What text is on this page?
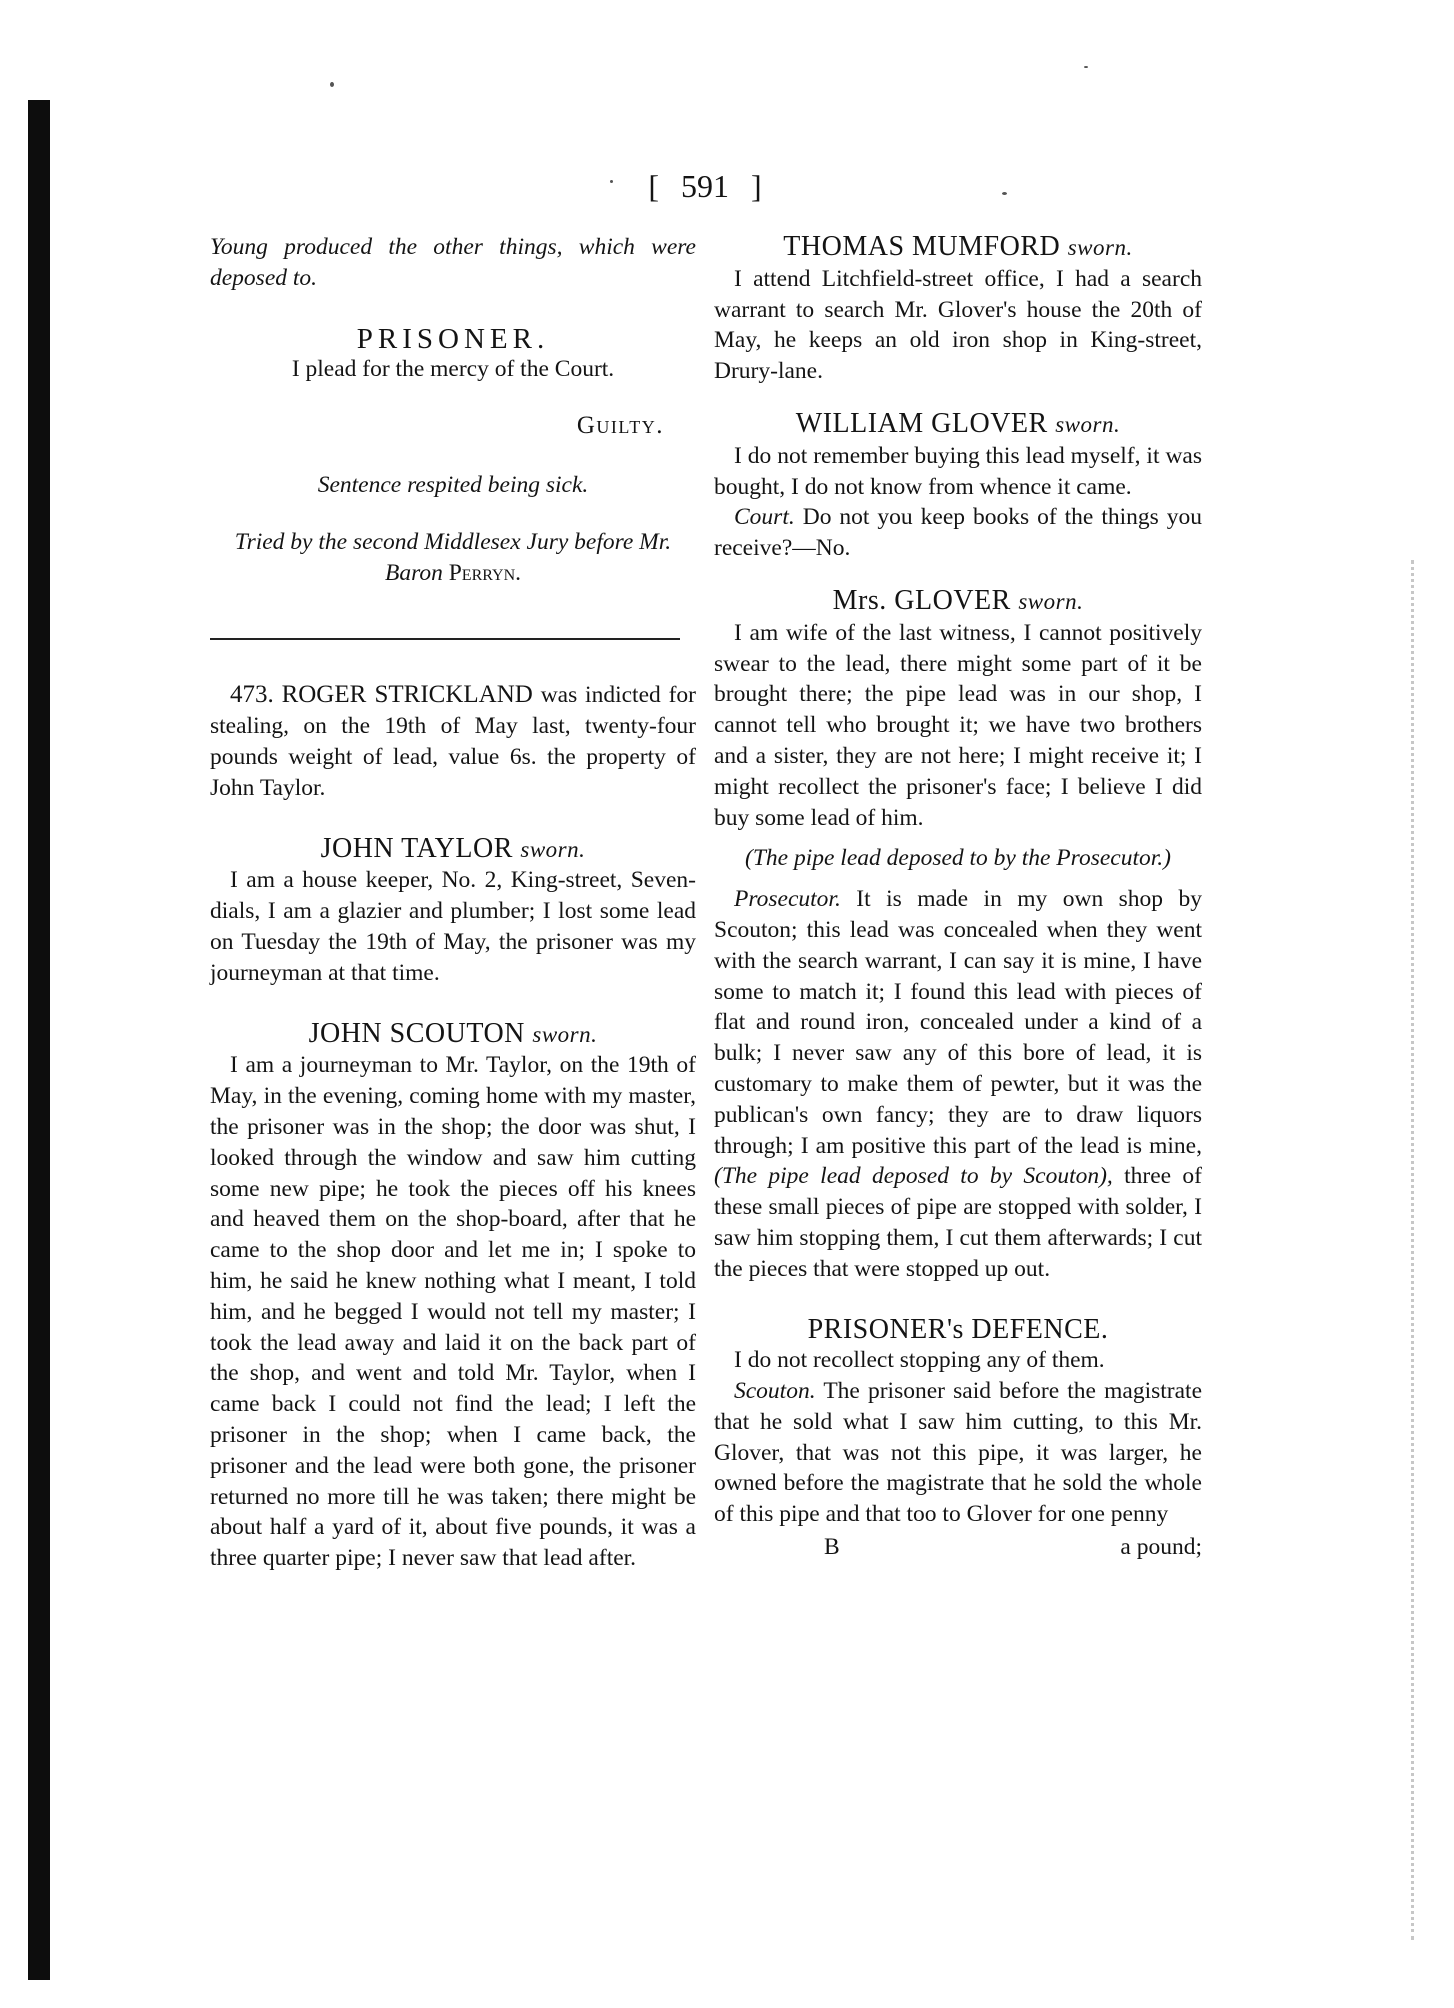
[ 591 ]

Young produced the other things, which were deposed to.

PRISONER.

I plead for the mercy of the Court.

Guilty.
Sentence respited being sick.
Tried by the second Middlesex Jury before Mr. Baron Perryn.

473. ROGER STRICKLAND was indicted for stealing, on the 19th of May last, twenty-four pounds weight of lead, value 6s. the property of John Taylor.

JOHN TAYLOR sworn.

I am a house keeper, No. 2, King-street, Seven-dials, I am a glazier and plumber; I lost some lead on Tuesday the 19th of May, the prisoner was my journeyman at that time.

JOHN SCOUTON sworn.

I am a journeyman to Mr. Taylor, on the 19th of May, in the evening, coming home with my master, the prisoner was in the shop; the door was shut, I looked through the window and saw him cutting some new pipe; he took the pieces off his knees and heaved them on the shop-board, after that he came to the shop door and let me in; I spoke to him, he said he knew nothing what I meant, I told him, and he begged I would not tell my master; I took the lead away and laid it on the back part of the shop, and went and told Mr. Taylor, when I came back I could not find the lead; I left the prisoner in the shop; when I came back, the prisoner and the lead were both gone, the prisoner returned no more till he was taken; there might be about half a yard of it, about five pounds, it was a three quarter pipe; I never saw that lead after.

THOMAS MUMFORD sworn.

I attend Litchfield-street office, I had a search warrant to search Mr. Glover's house the 20th of May, he keeps an old iron shop in King-street, Drury-lane.

WILLIAM GLOVER sworn.

I do not remember buying this lead myself, it was bought, I do not know from whence it came.

Court. Do not you keep books of the things you receive?—No.

Mrs. GLOVER sworn.

I am wife of the last witness, I cannot positively swear to the lead, there might some part of it be brought there; the pipe lead was in our shop, I cannot tell who brought it; we have two brothers and a sister, they are not here; I might receive it; I might recollect the prisoner's face; I believe I did buy some lead of him.

(The pipe lead deposed to by the Prosecutor.)

Prosecutor. It is made in my own shop by Scouton; this lead was concealed when they went with the search warrant, I can say it is mine, I have some to match it; I found this lead with pieces of flat and round iron, concealed under a kind of a bulk; I never saw any of this bore of lead, it is customary to make them of pewter, but it was the publican's own fancy; they are to draw liquors through; I am positive this part of the lead is mine, (The pipe lead deposed to by Scouton), three of these small pieces of pipe are stopped with solder, I saw him stopping them, I cut them afterwards; I cut the pieces that were stopped up out.

PRISONER's DEFENCE.

I do not recollect stopping any of them.

Scouton. The prisoner said before the magistrate that he sold what I saw him cutting, to this Mr. Glover, that was not this pipe, it was larger, he owned before the magistrate that he sold the whole of this pipe and that too to Glover for one penny

B	a pound;
